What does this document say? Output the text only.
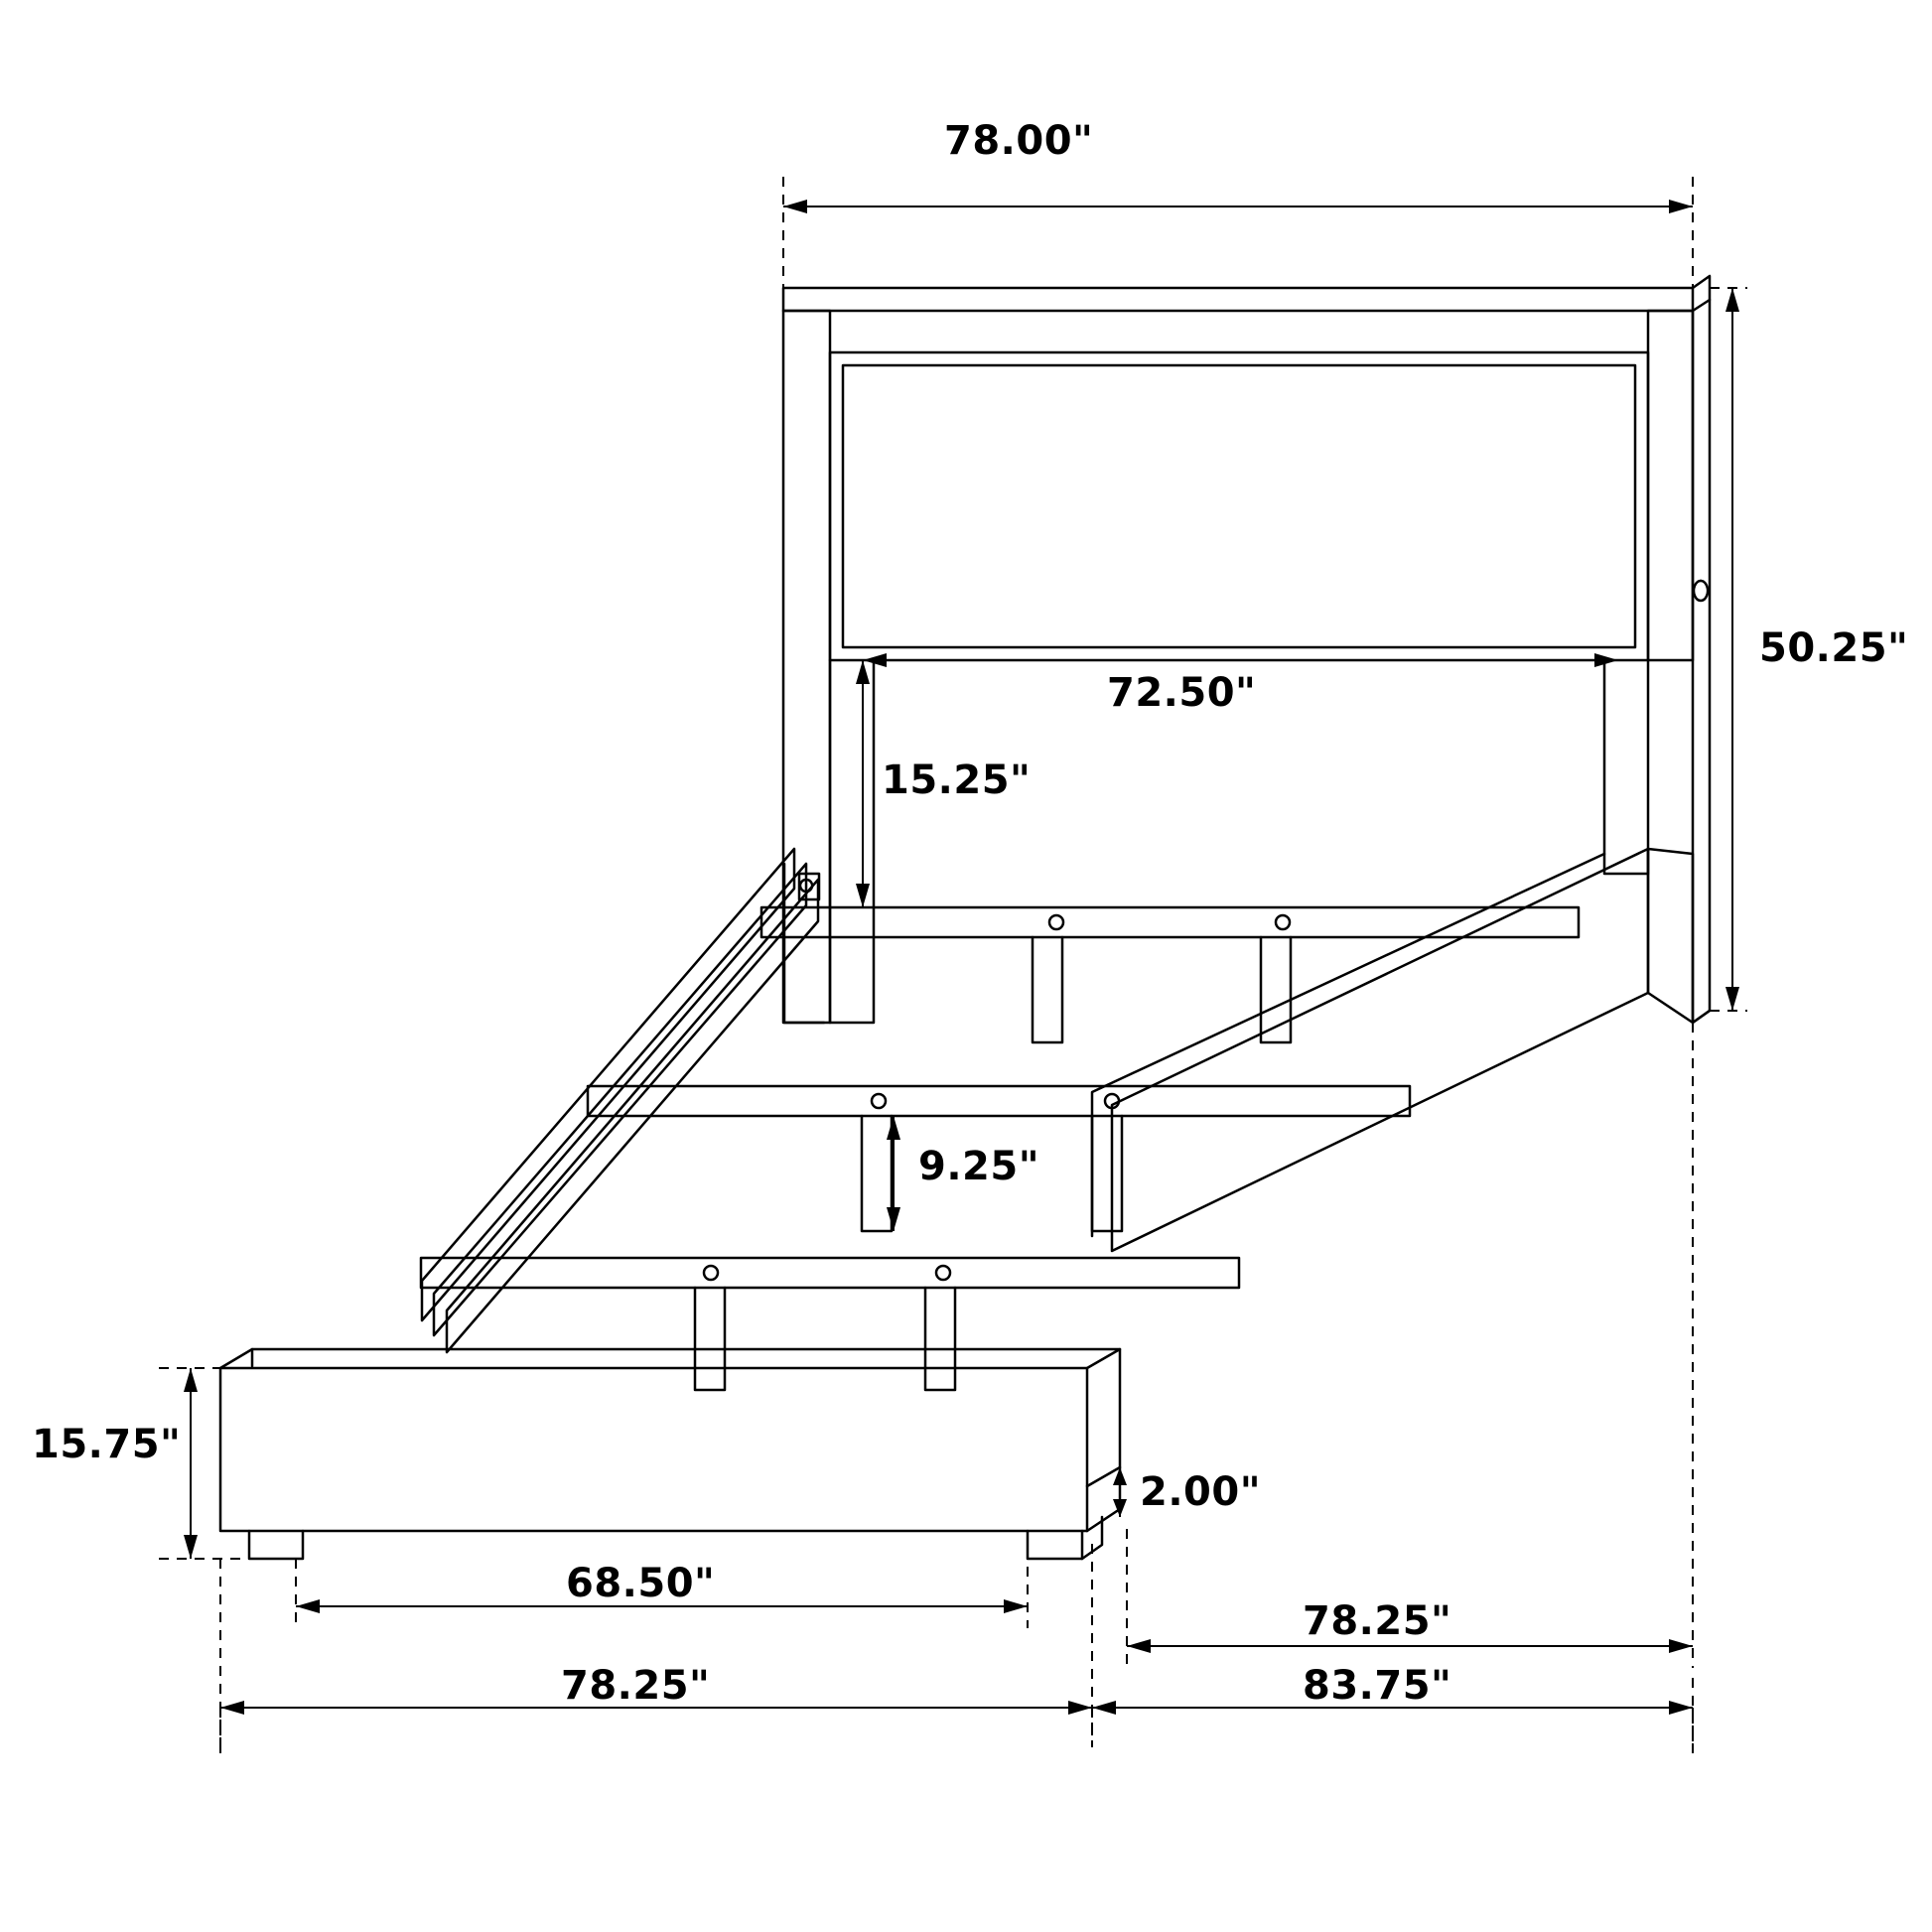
78.00"
72.50"
50.25"
15.25"
9.25"
15.75"
2.00"
68.50"
78.25"
78.25"	83.75"
